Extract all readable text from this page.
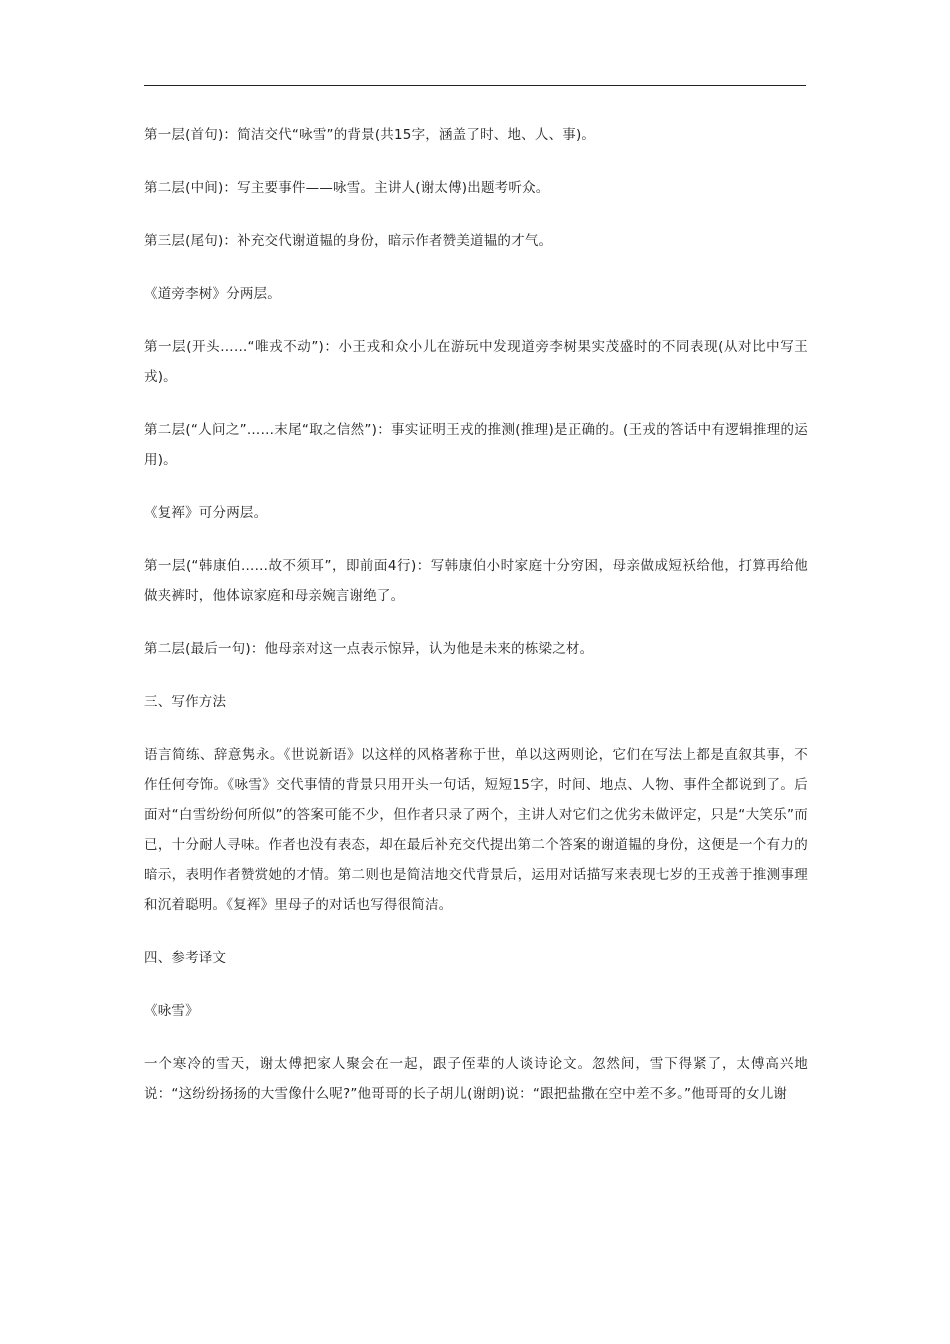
第一层(首句)：简洁交代“咏雪”的背景(共15字，涵盖了时、地、人、事)。

第二层(中间)：写主要事件——咏雪。主讲人(谢太傅)出题考听众。

第三层(尾句)：补充交代谢道韫的身份，暗示作者赞美道韫的才气。

《道旁李树》分两层。

第一层(开头……“唯戎不动”)：小王戎和众小儿在游玩中发现道旁李树果实茂盛时的不同表现(从对比中写王戎)。

第二层(“人问之”……末尾“取之信然”)：事实证明王戎的推测(推理)是正确的。(王戎的答话中有逻辑推理的运用)。

《复裈》可分两层。

第一层(“韩康伯……故不须耳”，即前面4行)：写韩康伯小时家庭十分穷困，母亲做成短袄给他，打算再给他做夹裤时，他体谅家庭和母亲婉言谢绝了。

第二层(最后一句)：他母亲对这一点表示惊异，认为他是未来的栋梁之材。

三、写作方法

语言简练、辞意隽永。《世说新语》以这样的风格著称于世，单以这两则论，它们在写法上都是直叙其事，不作任何夸饰。《咏雪》交代事情的背景只用开头一句话，短短15字，时间、地点、人物、事件全都说到了。后面对“白雪纷纷何所似”的答案可能不少，但作者只录了两个，主讲人对它们之优劣未做评定，只是“大笑乐”而已，十分耐人寻味。作者也没有表态，却在最后补充交代提出第二个答案的谢道韫的身份，这便是一个有力的暗示，表明作者赞赏她的才情。第二则也是简洁地交代背景后，运用对话描写来表现七岁的王戎善于推测事理和沉着聪明。《复裈》里母子的对话也写得很简洁。

四、参考译文

《咏雪》

一个寒冷的雪天，谢太傅把家人聚会在一起，跟子侄辈的人谈诗论文。忽然间，雪下得紧了，太傅高兴地说：“这纷纷扬扬的大雪像什么呢?”他哥哥的长子胡儿(谢朗)说：“跟把盐撒在空中差不多。”他哥哥的女儿谢
